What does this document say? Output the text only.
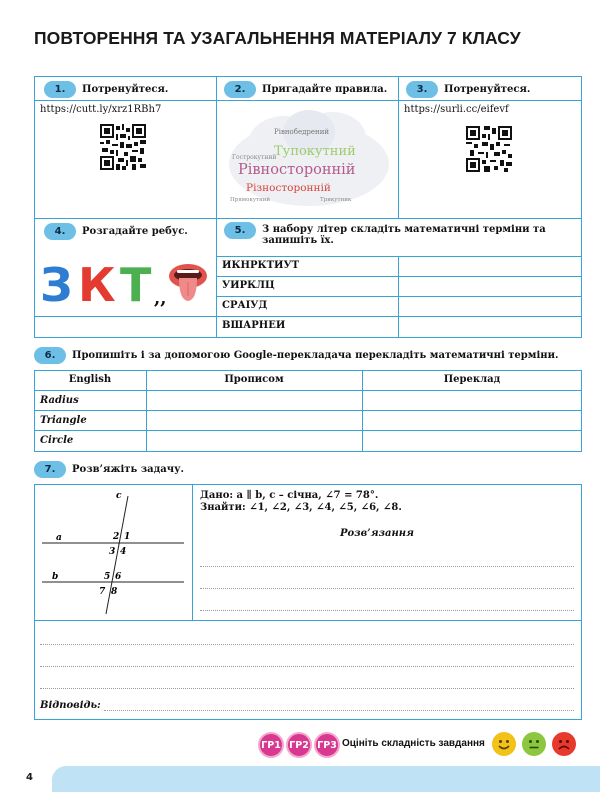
ПОВТОРЕННЯ ТА УЗАГАЛЬНЕННЯ МАТЕРІАЛУ 7 КЛАСУ
1.	Потренуйтеся.
https://cutt.ly/xrz1RBh7
2.	Пригадайте правила.
Рівнобедрений
Гострокутний
Тупокутний
Рівносторонній
Різносторонній
Прямокутний	Трикутник
3.	Потренуйтеся.
https://surli.cc/eifevf
4.	Розгадайте ребус.
З К Т ,,
5.	З набору літер складіть математичні терміни та запишіть їх.
ИКНРКТИУТ
УИРКЛЦ
СРАІУД
ВШАРНЕИ
6.	Пропишіть і за допомогою Google-перекладача перекладіть математичні терміни.
English	Прописом	Переклад
Radius
Triangle
Circle
7.	Розв’яжіть задачу.
c
a
b
2 1
3 4
5 6
7 8
Дано: a ∥ b, c – січна, ∠7 = 78°.
Знайти: ∠1, ∠2, ∠3, ∠4, ∠5, ∠6, ∠8.
Розв’язання
Відповідь:
ГР1 ГР2 ГР3 Оцініть складність завдання
4
